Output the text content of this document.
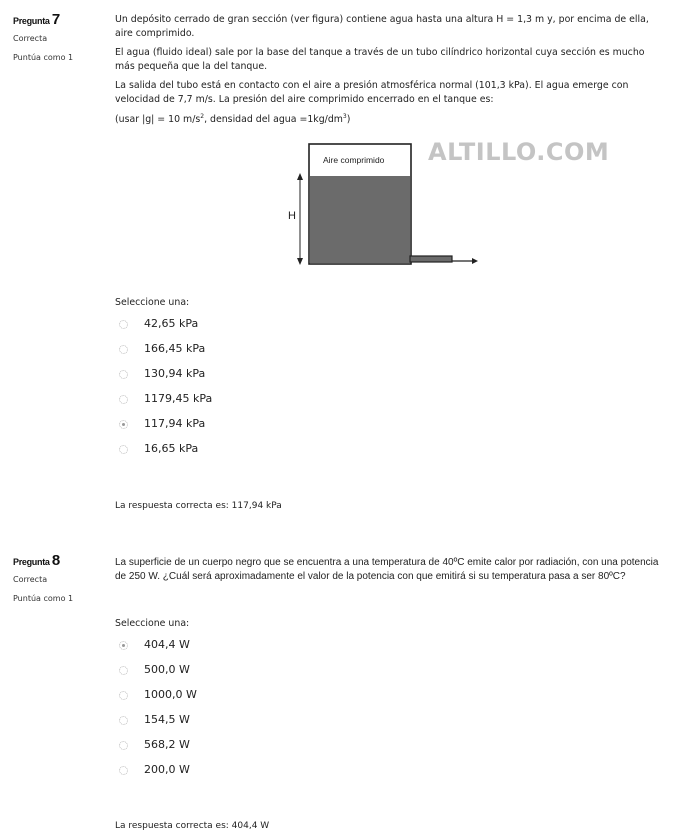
Pregunta 7
Correcta
Puntúa como 1

Un depósito cerrado de gran sección (ver figura) contiene agua hasta una altura H = 1,3 m y, por encima de ella, aire comprimido.

El agua (fluido ideal) sale por la base del tanque a través de un tubo cilíndrico horizontal cuya sección es mucho más pequeña que la del tanque.

La salida del tubo está en contacto con el aire a presión atmosférica normal (101,3 kPa). El agua emerge con velocidad de 7,7 m/s. La presión del aire comprimido encerrado en el tanque es:

(usar |g| = 10 $m/s^2$, densidad del agua $=1kg/dm^3$)

H
Aire comprimido ALTILLO.COM
Seleccione una:
42,65 kPa
166,45 kPa
130,94 kPa
1179,45 kPa
117,94 kPa
16,65 kPa
La respuesta correcta es: 117,94 kPa
Pregunta 8
Correcta
Puntúa como 1
La superficie de un cuerpo negro que se encuentra a una temperatura de 40ºC emite calor por radiación, con una potencia de 250 W. ¿Cuál será aproximadamente el valor de la potencia con que emitirá si su temperatura pasa a ser 80ºC?
Seleccione una:
404,4 W
500,0 W
1000,0 W
154,5 W
568,2 W
200,0 W
La respuesta correcta es: 404,4 W
